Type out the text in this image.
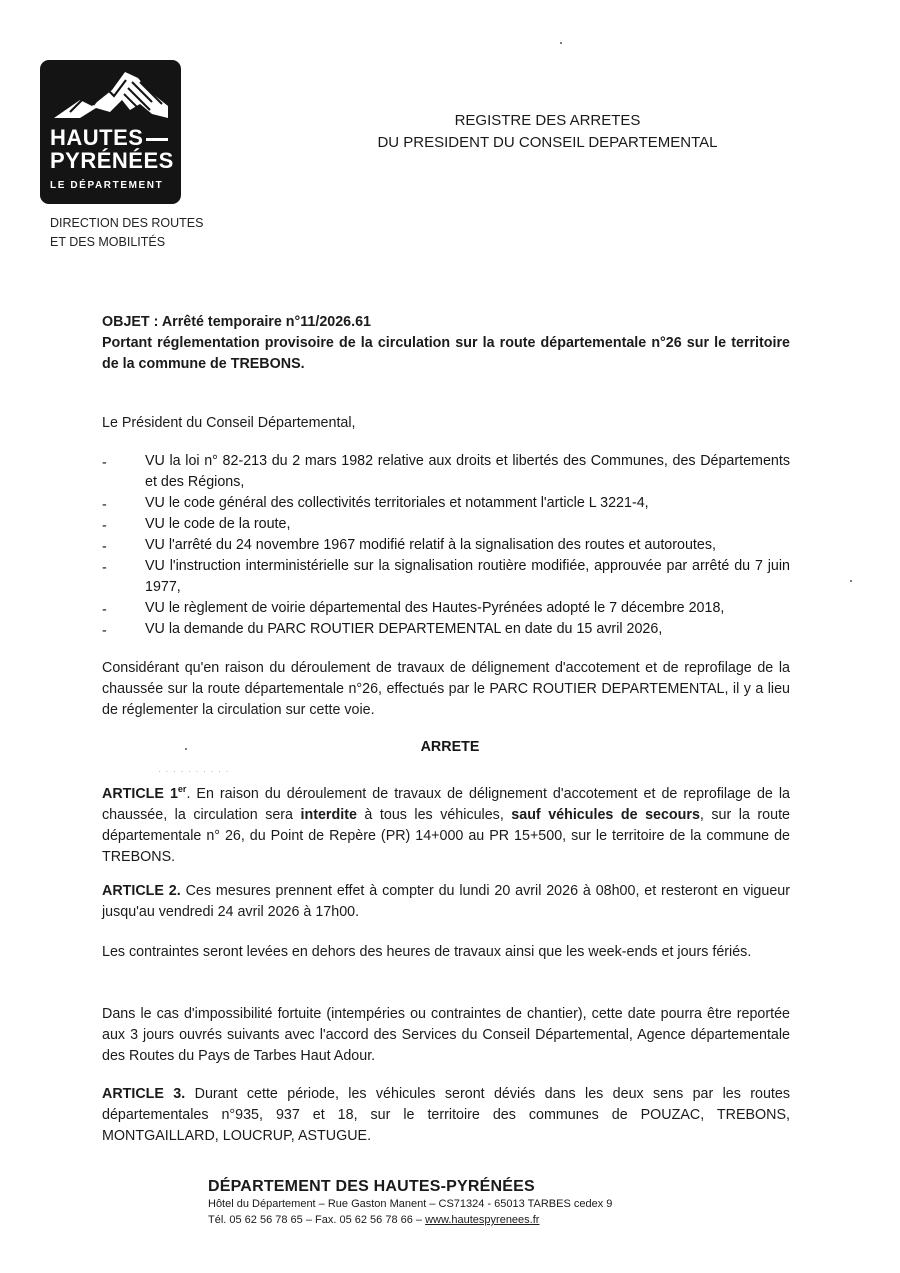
HAUTES
PYRÉNÉES
LE DÉPARTEMENT
DIRECTION DES ROUTES
ET DES MOBILITÉS
REGISTRE DES ARRETES
DU PRESIDENT DU CONSEIL DEPARTEMENTAL
OBJET : Arrêté temporaire n°11/2026.61
Portant réglementation provisoire de la circulation sur la route départementale n°26 sur le territoire de la commune de TREBONS.
Le Président du Conseil Départemental,
- VU la loi n° 82-213 du 2 mars 1982 relative aux droits et libertés des Communes, des Départements et des Régions,
- VU le code général des collectivités territoriales et notamment l'article L 3221-4,
- VU le code de la route,
- VU l'arrêté du 24 novembre 1967 modifié relatif à la signalisation des routes et autoroutes,
- VU l'instruction interministérielle sur la signalisation routière modifiée, approuvée par arrêté du 7 juin 1977,
- VU le règlement de voirie départemental des Hautes-Pyrénées adopté le 7 décembre 2018,
- VU la demande du PARC ROUTIER DEPARTEMENTAL en date du 15 avril 2026,
Considérant qu'en raison du déroulement de travaux de délignement d'accotement et de reprofilage de la chaussée sur la route départementale n°26, effectués par le PARC ROUTIER DEPARTEMENTAL, il y a lieu de réglementer la circulation sur cette voie.
ARRETE
· · · · · · · · · ·
ARTICLE 1er. En raison du déroulement de travaux de délignement d'accotement et de reprofilage de la chaussée, la circulation sera interdite à tous les véhicules, sauf véhicules de secours, sur la route départementale n° 26, du Point de Repère (PR) 14+000 au PR 15+500, sur le territoire de la commune de TREBONS.
ARTICLE 2. Ces mesures prennent effet à compter du lundi 20 avril 2026 à 08h00, et resteront en vigueur jusqu'au vendredi 24 avril 2026 à 17h00.
Les contraintes seront levées en dehors des heures de travaux ainsi que les week-ends et jours fériés.
Dans le cas d'impossibilité fortuite (intempéries ou contraintes de chantier), cette date pourra être reportée aux 3 jours ouvrés suivants avec l'accord des Services du Conseil Départemental, Agence départementale des Routes du Pays de Tarbes Haut Adour.
ARTICLE 3. Durant cette période, les véhicules seront déviés dans les deux sens par les routes départementales n°935, 937 et 18, sur le territoire des communes de POUZAC, TREBONS, MONTGAILLARD, LOUCRUP, ASTUGUE.
DÉPARTEMENT DES HAUTES-PYRÉNÉES
Hôtel du Département – Rue Gaston Manent – CS71324 - 65013 TARBES cedex 9
Tél. 05 62 56 78 65 – Fax. 05 62 56 78 66 – www.hautespyrenees.fr
